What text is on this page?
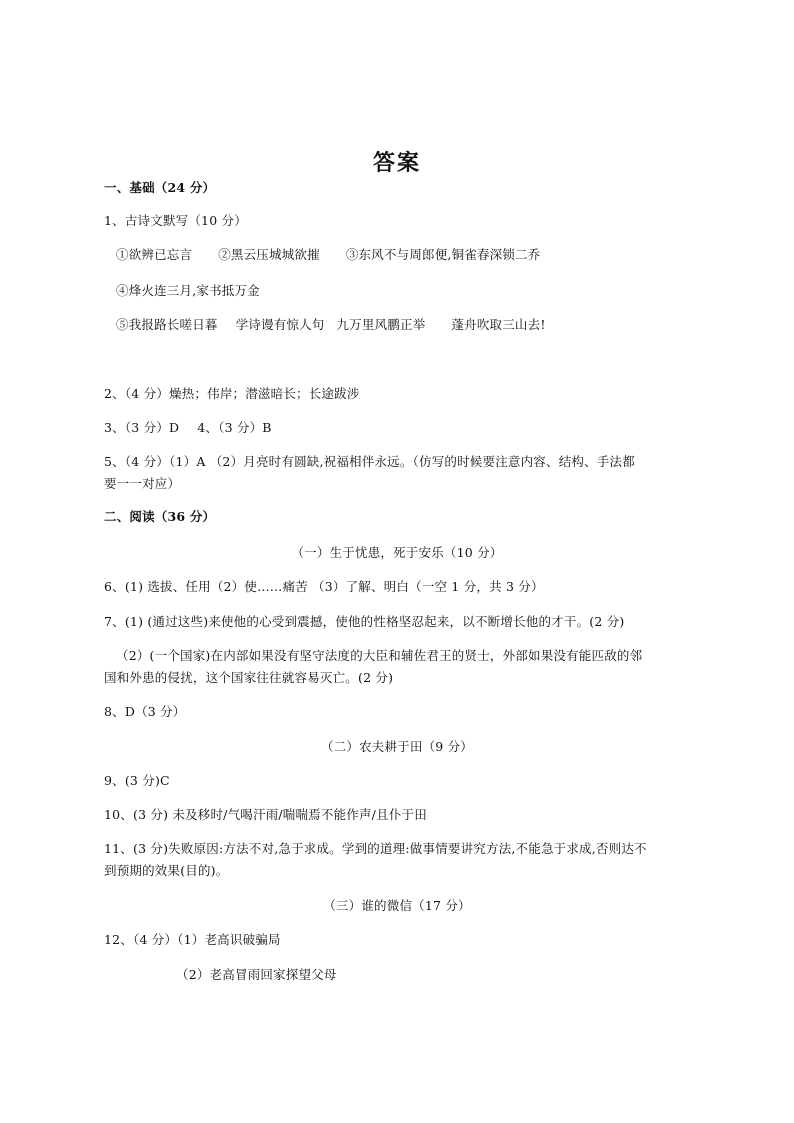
答案
一、基础（24 分）
1、古诗文默写（10 分）
①欲辨已忘言 ②黑云压城城欲摧 ③东风不与周郎便,铜雀春深锁二乔
④烽火连三月,家书抵万金
⑤我报路长嗟日暮 学诗谩有惊人句 九万里风鹏正举 蓬舟吹取三山去!
2、（4 分）燥热；伟岸；潜滋暗长；长途跋涉
3、（3 分）D 4、（3 分）B
5、（4 分）（1）A （2）月亮时有圆缺,祝福相伴永远。（仿写的时候要注意内容、结构、手法都
要一一对应）
二、阅读（36 分）
（一）生于忧患，死于安乐（10 分）
6、(1) 选拔、任用（2）使……痛苦 （3）了解、明白（一空 1 分，共 3 分）
7、(1) (通过这些)来使他的心受到震撼，使他的性格坚忍起来，以不断增长他的才干。(2 分)
（2）(一个国家)在内部如果没有坚守法度的大臣和辅佐君王的贤士，外部如果没有能匹敌的邻
国和外患的侵扰，这个国家往往就容易灭亡。(2 分)
8、D（3 分）
（二）农夫耕于田（9 分）
9、(3 分)C
10、(3 分) 未及移时/气喝汗雨/喘喘焉不能作声/且仆于田
11、(3 分)失败原因:方法不对,急于求成。学到的道理:做事情要讲究方法,不能急于求成,否则达不
到预期的效果(目的)。
（三）谁的微信（17 分）
12、（4 分）（1）老高识破骗局
（2）老高冒雨回家探望父母
